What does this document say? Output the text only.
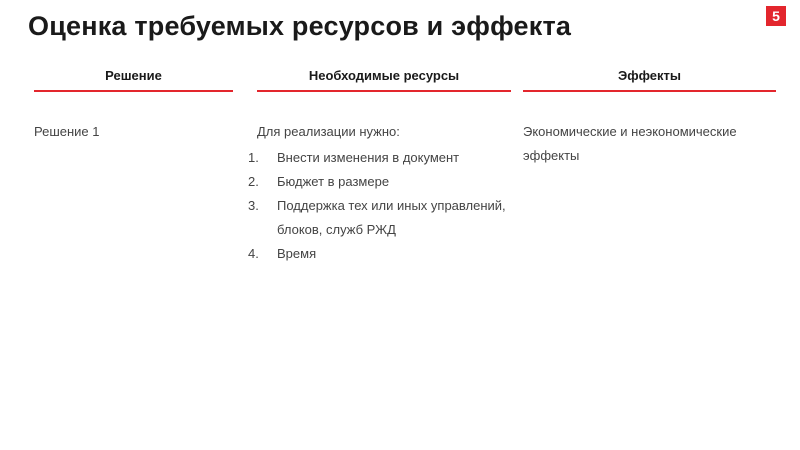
Оценка требуемых ресурсов и эффекта	5
Решение
Решение 1
Необходимые ресурсы
Для реализации нужно:
1. Внести изменения в документ
2. Бюджет в размере
3. Поддержка тех или иных управлений, блоков, служб РЖД
4. Время
Эффекты
Экономические и неэкономические эффекты
